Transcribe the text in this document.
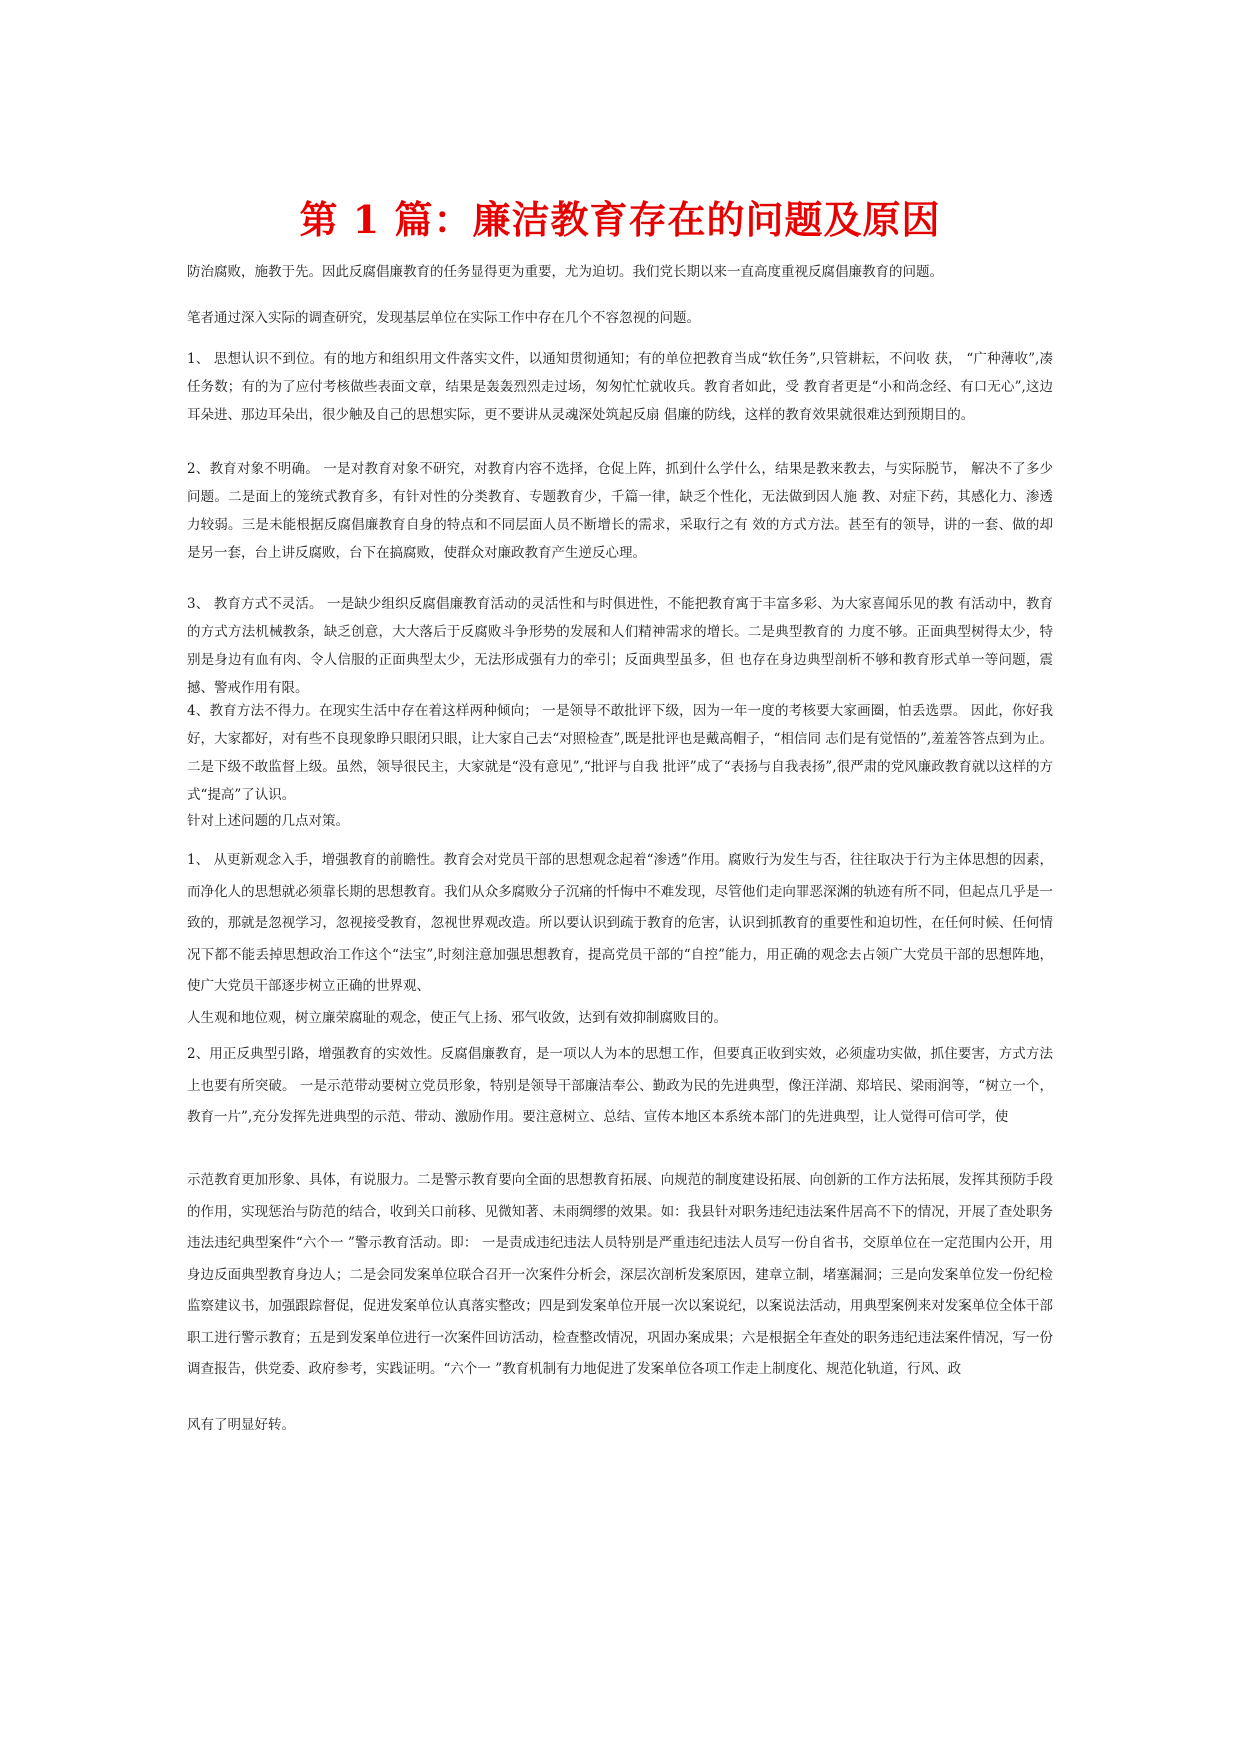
第 1 篇：廉洁教育存在的问题及原因

防治腐败，施教于先。因此反腐倡廉教育的任务显得更为重要，尤为迫切。我们党长期以来一直高度重视反腐倡廉教育的问题。

笔者通过深入实际的调查研究，发现基层单位在实际工作中存在几个不容忽视的问题。

1、 思想认识不到位。有的地方和组织用文件落实文件，以通知贯彻通知；有的单位把教育当成“软任务”,只管耕耘，不问收 获， “广种薄收”,凑任务数；有的为了应付考核做些表面文章，结果是轰轰烈烈走过场，匆匆忙忙就收兵。教育者如此，受 教育者更是“小和尚念经、有口无心”,这边耳朵进、那边耳朵出，很少触及自己的思想实际，更不要讲从灵魂深处筑起反扇 倡廉的防线，这样的教育效果就很难达到预期目的。

2、教育对象不明确。 一是对教育对象不研究，对教育内容不选择，仓促上阵，抓到什么学什么，结果是教来教去，与实际脱节， 解决不了多少问题。二是面上的笼统式教育多，有针对性的分类教育、专题教育少，千篇一律，缺乏个性化，无法做到因人施 教、对症下药，其感化力、渗透力较弱。三是未能根据反腐倡廉教育自身的特点和不同层面人员不断增长的需求，采取行之有 效的方式方法。甚至有的领导，讲的一套、做的却是另一套，台上讲反腐败，台下在搞腐败，使群众对廉政教育产生逆反心理。

3、 教育方式不灵活。 一是缺少组织反腐倡廉教育活动的灵活性和与时俱进性，不能把教育寓于丰富多彩、为大家喜闻乐见的教 有活动中，教育的方式方法机械教条，缺乏创意，大大落后于反腐败斗争形势的发展和人们精神需求的增长。二是典型教育的 力度不够。正面典型树得太少，特别是身边有血有肉、令人信服的正面典型太少，无法形成强有力的牵引；反面典型虽多，但 也存在身边典型剖析不够和教育形式单一等问题，震撼、警戒作用有限。

4、教育方法不得力。在现实生活中存在着这样两种倾向； 一是领导不敢批评下级，因为一年一度的考核要大家画圈，怕丢选票。 因此，你好我好，大家都好，对有些不良现象睁只眼闭只眼，让大家自己去“对照检查”,既是批评也是戴高帽子，“相信同 志们是有觉悟的”,羞羞答答点到为止。二是下级不敢监督上级。虽然，领导很民主，大家就是“没有意见”,“批评与自我 批评”成了“表扬与自我表扬”,很严肃的党风廉政教育就以这样的方式“提高”了认识。

针对上述问题的几点对策。

1、 从更新观念入手，增强教育的前瞻性。教育会对党员干部的思想观念起着“渗透”作用。腐败行为发生与否，往往取决于行为主体思想的因素，而净化人的思想就必须靠长期的思想教育。我们从众多腐败分子沉痛的忏悔中不难发现，尽管他们走向罪恶深渊的轨迹有所不同，但起点几乎是一致的，那就是忽视学习，忽视接受教育，忽视世界观改造。所以要认识到疏于教育的危害，认识到抓教育的重要性和迫切性，在任何时候、任何情况下都不能丢掉思想政治工作这个“法宝”,时刻注意加强思想教育，提高党员干部的“自控”能力，用正确的观念去占领广大党员干部的思想阵地，使广大党员干部逐步树立正确的世界观、

人生观和地位观，树立廉荣腐耻的观念，使正气上扬、邪气收敛，达到有效抑制腐败目的。

2、用正反典型引路，增强教育的实效性。反腐倡廉教育，是一项以人为本的思想工作，但要真正收到实效，必须虚功实做，抓住要害，方式方法上也要有所突破。 一是示范带动要树立党员形象，特别是领导干部廉洁奉公、勤政为民的先进典型，像汪洋湖、郑培民、梁雨润等，“树立一个，教育一片”,充分发挥先进典型的示范、带动、激励作用。要注意树立、总结、宣传本地区本系统本部门的先进典型，让人觉得可信可学，使

示范教育更加形象、具体，有说服力。二是警示教育要向全面的思想教育拓展、向规范的制度建设拓展、向创新的工作方法拓展，发挥其预防手段的作用，实现惩治与防范的结合，收到关口前移、见微知著、未雨绸缪的效果。如：我县针对职务违纪违法案件居高不下的情况，开展了查处职务违法违纪典型案件“六个一 ”警示教育活动。即： 一是责成违纪违法人员特别是严重违纪违法人员写一份自省书，交原单位在一定范围内公开，用身边反面典型教育身边人；二是会同发案单位联合召开一次案件分析会，深层次剖析发案原因，建章立制，堵塞漏洞；三是向发案单位发一份纪检监察建议书，加强跟踪督促，促进发案单位认真落实整改；四是到发案单位开展一次以案说纪，以案说法活动，用典型案例来对发案单位全体干部职工进行警示教育；五是到发案单位进行一次案件回访活动，检查整改情况，巩固办案成果；六是根据全年查处的职务违纪违法案件情况，写一份调查报告，供党委、政府参考，实践证明。“六个一 ”教育机制有力地促进了发案单位各项工作走上制度化、规范化轨道，行风、政

风有了明显好转。
